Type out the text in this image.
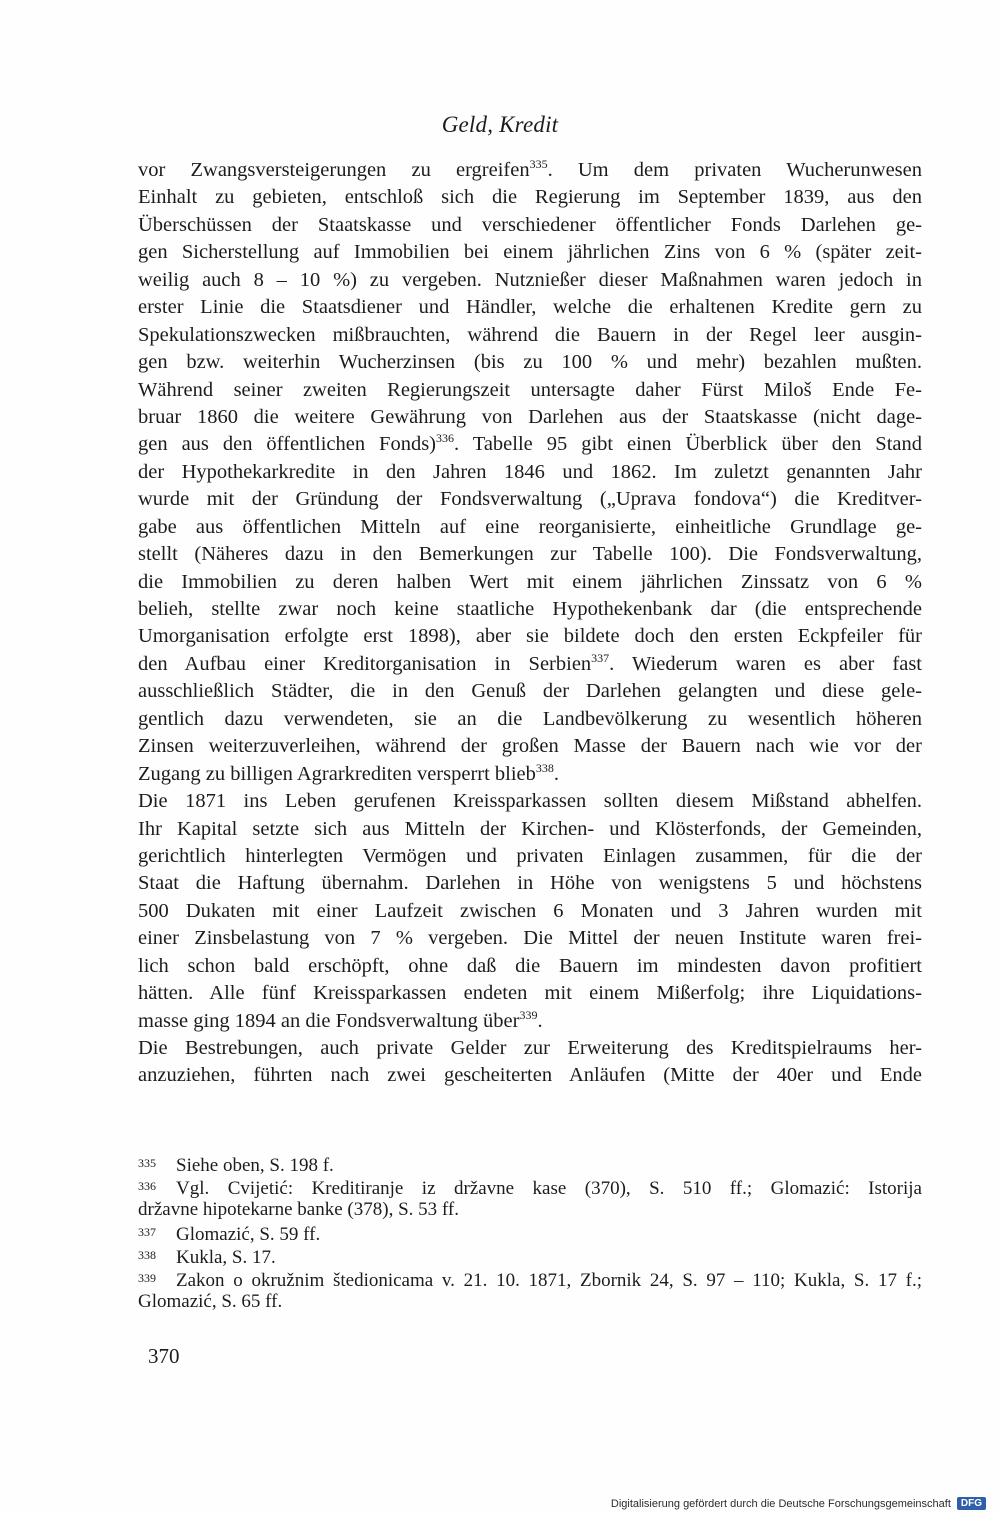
Geld, Kredit
vor Zwangsversteigerungen zu ergreifen$^{335}$. Um dem privaten Wucherunwesen
Einhalt zu gebieten, entschloß sich die Regierung im September 1839, aus den
Überschüssen der Staatskasse und verschiedener öffentlicher Fonds Darlehen ge-
gen Sicherstellung auf Immobilien bei einem jährlichen Zins von 6 % (später zeit-
weilig auch 8 – 10 %) zu vergeben. Nutznießer dieser Maßnahmen waren jedoch in
erster Linie die Staatsdiener und Händler, welche die erhaltenen Kredite gern zu
Spekulationszwecken mißbrauchten, während die Bauern in der Regel leer ausgin-
gen bzw. weiterhin Wucherzinsen (bis zu 100 % und mehr) bezahlen mußten.
Während seiner zweiten Regierungszeit untersagte daher Fürst Miloš Ende Fe-
bruar 1860 die weitere Gewährung von Darlehen aus der Staatskasse (nicht dage-
gen aus den öffentlichen Fonds)$^{336}$. Tabelle 95 gibt einen Überblick über den Stand
der Hypothekarkredite in den Jahren 1846 und 1862. Im zuletzt genannten Jahr
wurde mit der Gründung der Fondsverwaltung („Uprava fondova“) die Kreditver-
gabe aus öffentlichen Mitteln auf eine reorganisierte, einheitliche Grundlage ge-
stellt (Näheres dazu in den Bemerkungen zur Tabelle 100). Die Fondsverwaltung,
die Immobilien zu deren halben Wert mit einem jährlichen Zinssatz von 6 %
belieh, stellte zwar noch keine staatliche Hypothekenbank dar (die entsprechende
Umorganisation erfolgte erst 1898), aber sie bildete doch den ersten Eckpfeiler für
den Aufbau einer Kreditorganisation in Serbien$^{337}$. Wiederum waren es aber fast
ausschließlich Städter, die in den Genuß der Darlehen gelangten und diese gele-
gentlich dazu verwendeten, sie an die Landbevölkerung zu wesentlich höheren
Zinsen weiterzuverleihen, während der großen Masse der Bauern nach wie vor der
Zugang zu billigen Agrarkrediten versperrt blieb$^{338}$.
Die 1871 ins Leben gerufenen Kreissparkassen sollten diesem Mißstand abhelfen.
Ihr Kapital setzte sich aus Mitteln der Kirchen- und Klösterfonds, der Gemeinden,
gerichtlich hinterlegten Vermögen und privaten Einlagen zusammen, für die der
Staat die Haftung übernahm. Darlehen in Höhe von wenigstens 5 und höchstens
500 Dukaten mit einer Laufzeit zwischen 6 Monaten und 3 Jahren wurden mit
einer Zinsbelastung von 7 % vergeben. Die Mittel der neuen Institute waren frei-
lich schon bald erschöpft, ohne daß die Bauern im mindesten davon profitiert
hätten. Alle fünf Kreissparkassen endeten mit einem Mißerfolg; ihre Liquidations-
masse ging 1894 an die Fondsverwaltung über$^{339}$.
Die Bestrebungen, auch private Gelder zur Erweiterung des Kreditspielraums her-
anzuziehen, führten nach zwei gescheiterten Anläufen (Mitte der 40er und Ende
335 Siehe oben, S. 198 f.
336 Vgl. Cvijetić: Kreditiranje iz državne kase (370), S. 510 ff.; Glomazić: Istorija
državne hipotekarne banke (378), S. 53 ff.
337 Glomazić, S. 59 ff.
338 Kukla, S. 17.
339 Zakon o okružnim štedionicama v. 21. 10. 1871, Zbornik 24, S. 97 – 110; Kukla, S. 17 f.;
Glomazić, S. 65 ff.
370
Digitalisierung gefördert durch die Deutsche Forschungsgemeinschaft	DFG
